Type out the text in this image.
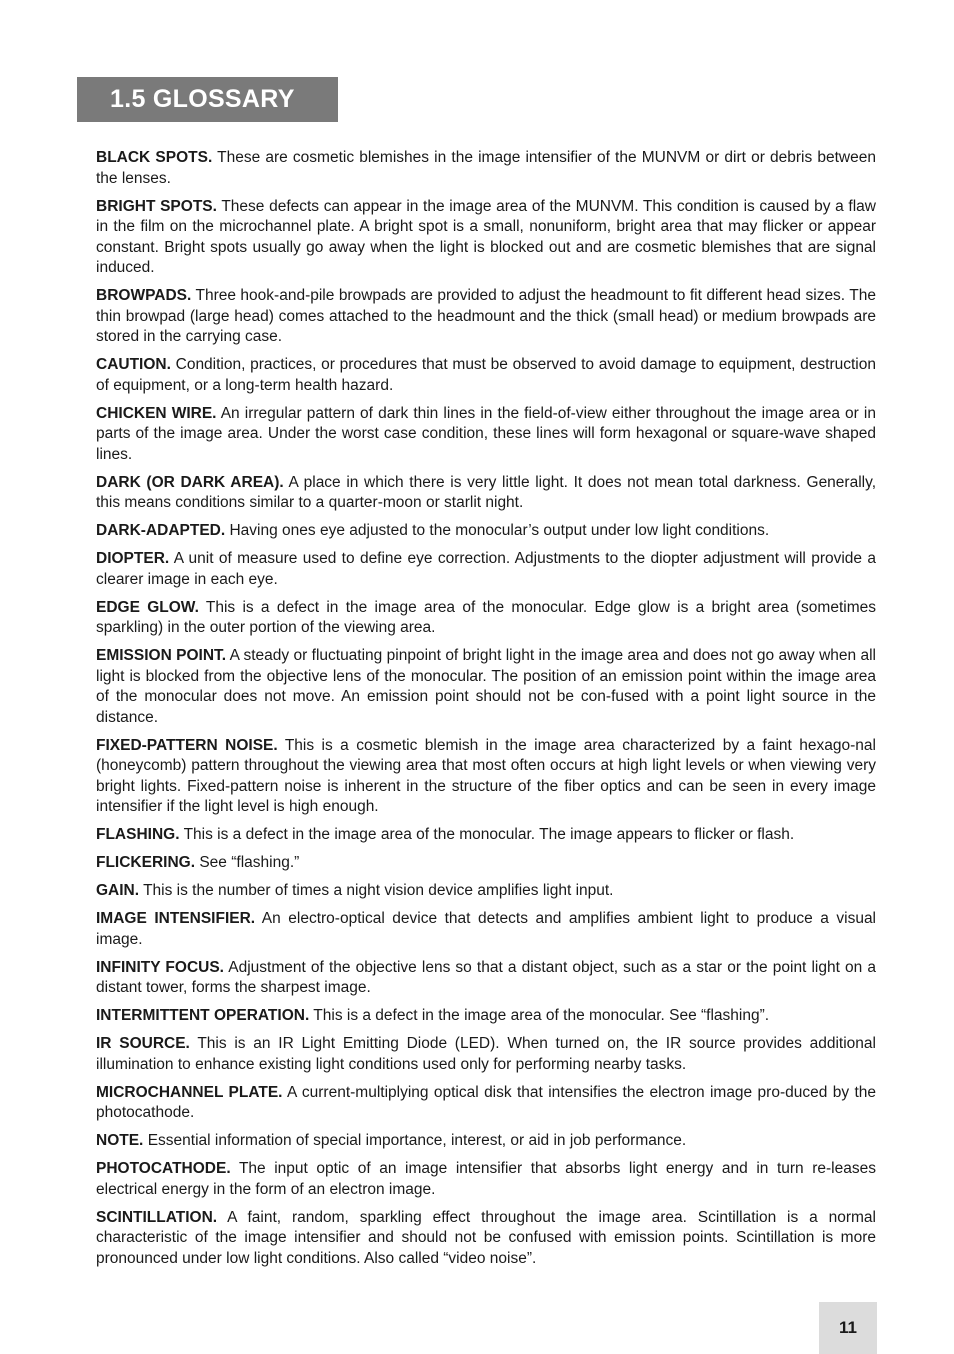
1.5 GLOSSARY

BLACK SPOTS. These are cosmetic blemishes in the image intensifier of the MUNVM or dirt or debris between the lenses.

BRIGHT SPOTS. These defects can appear in the image area of the MUNVM. This condition is caused by a flaw in the film on the microchannel plate. A bright spot is a small, nonuniform, bright area that may flicker or appear constant. Bright spots usually go away when the light is blocked out and are cosmetic blemishes that are signal induced.

BROWPADS. Three hook-and-pile browpads are provided to adjust the headmount to fit different head sizes. The thin browpad (large head) comes attached to the headmount and the thick (small head) or medium browpads are stored in the carrying case.

CAUTION. Condition, practices, or procedures that must be observed to avoid damage to equipment, destruction of equipment, or a long-term health hazard.

CHICKEN WIRE. An irregular pattern of dark thin lines in the field-of-view either throughout the image area or in parts of the image area. Under the worst case condition, these lines will form hexagonal or square-wave shaped lines.

DARK (OR DARK AREA). A place in which there is very little light. It does not mean total darkness. Generally, this means conditions similar to a quarter-moon or starlit night.

DARK-ADAPTED. Having ones eye adjusted to the monocular’s output under low light conditions.

DIOPTER. A unit of measure used to define eye correction. Adjustments to the diopter adjustment will provide a clearer image in each eye.

EDGE GLOW. This is a defect in the image area of the monocular. Edge glow is a bright area (sometimes sparkling) in the outer portion of the viewing area.

EMISSION POINT. A steady or fluctuating pinpoint of bright light in the image area and does not go away when all light is blocked from the objective lens of the monocular. The position of an emission point within the image area of the monocular does not move. An emission point should not be con-fused with a point light source in the distance.

FIXED-PATTERN NOISE. This is a cosmetic blemish in the image area characterized by a faint hexago-nal (honeycomb) pattern throughout the viewing area that most often occurs at high light levels or when viewing very bright lights. Fixed-pattern noise is inherent in the structure of the fiber optics and can be seen in every image intensifier if the light level is high enough.

FLASHING. This is a defect in the image area of the monocular. The image appears to flicker or flash.

FLICKERING. See “flashing.”

GAIN. This is the number of times a night vision device amplifies light input.

IMAGE INTENSIFIER. An electro-optical device that detects and amplifies ambient light to produce a visual image.

INFINITY FOCUS. Adjustment of the objective lens so that a distant object, such as a star or the point light on a distant tower, forms the sharpest image.

INTERMITTENT OPERATION. This is a defect in the image area of the monocular. See “flashing”.

IR SOURCE. This is an IR Light Emitting Diode (LED). When turned on, the IR source provides additional illumination to enhance existing light conditions used only for performing nearby tasks.

MICROCHANNEL PLATE. A current-multiplying optical disk that intensifies the electron image pro-duced by the photocathode.

NOTE. Essential information of special importance, interest, or aid in job performance.

PHOTOCATHODE. The input optic of an image intensifier that absorbs light energy and in turn re-leases electrical energy in the form of an electron image.

SCINTILLATION. A faint, random, sparkling effect throughout the image area. Scintillation is a normal characteristic of the image intensifier and should not be confused with emission points. Scintillation is more pronounced under low light conditions. Also called “video noise”.

11
